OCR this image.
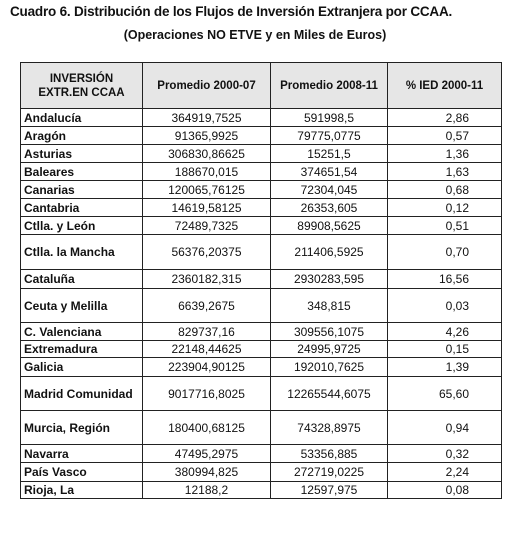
Cuadro 6. Distribución de los Flujos de Inversión Extranjera por CCAA.
(Operaciones NO ETVE y en Miles de Euros)
INVERSIÓN EXTR.EN CCAA	Promedio 2000-07	Promedio 2008-11	% IED 2000-11
Andalucía	364919,7525	591998,5	2,86
Aragón	91365,9925	79775,0775	0,57
Asturias	306830,86625	15251,5	1,36
Baleares	188670,015	374651,54	1,63
Canarias	120065,76125	72304,045	0,68
Cantabria	14619,58125	26353,605	0,12
Ctlla. y León	72489,7325	89908,5625	0,51
Ctlla. la Mancha	56376,20375	211406,5925	0,70
Cataluña	2360182,315	2930283,595	16,56
Ceuta y Melilla	6639,2675	348,815	0,03
C. Valenciana	829737,16	309556,1075	4,26
Extremadura	22148,44625	24995,9725	0,15
Galicia	223904,90125	192010,7625	1,39
Madrid Comunidad	9017716,8025	12265544,6075	65,60
Murcia, Región	180400,68125	74328,8975	0,94
Navarra	47495,2975	53356,885	0,32
País Vasco	380994,825	272719,0225	2,24
Rioja, La	12188,2	12597,975	0,08
